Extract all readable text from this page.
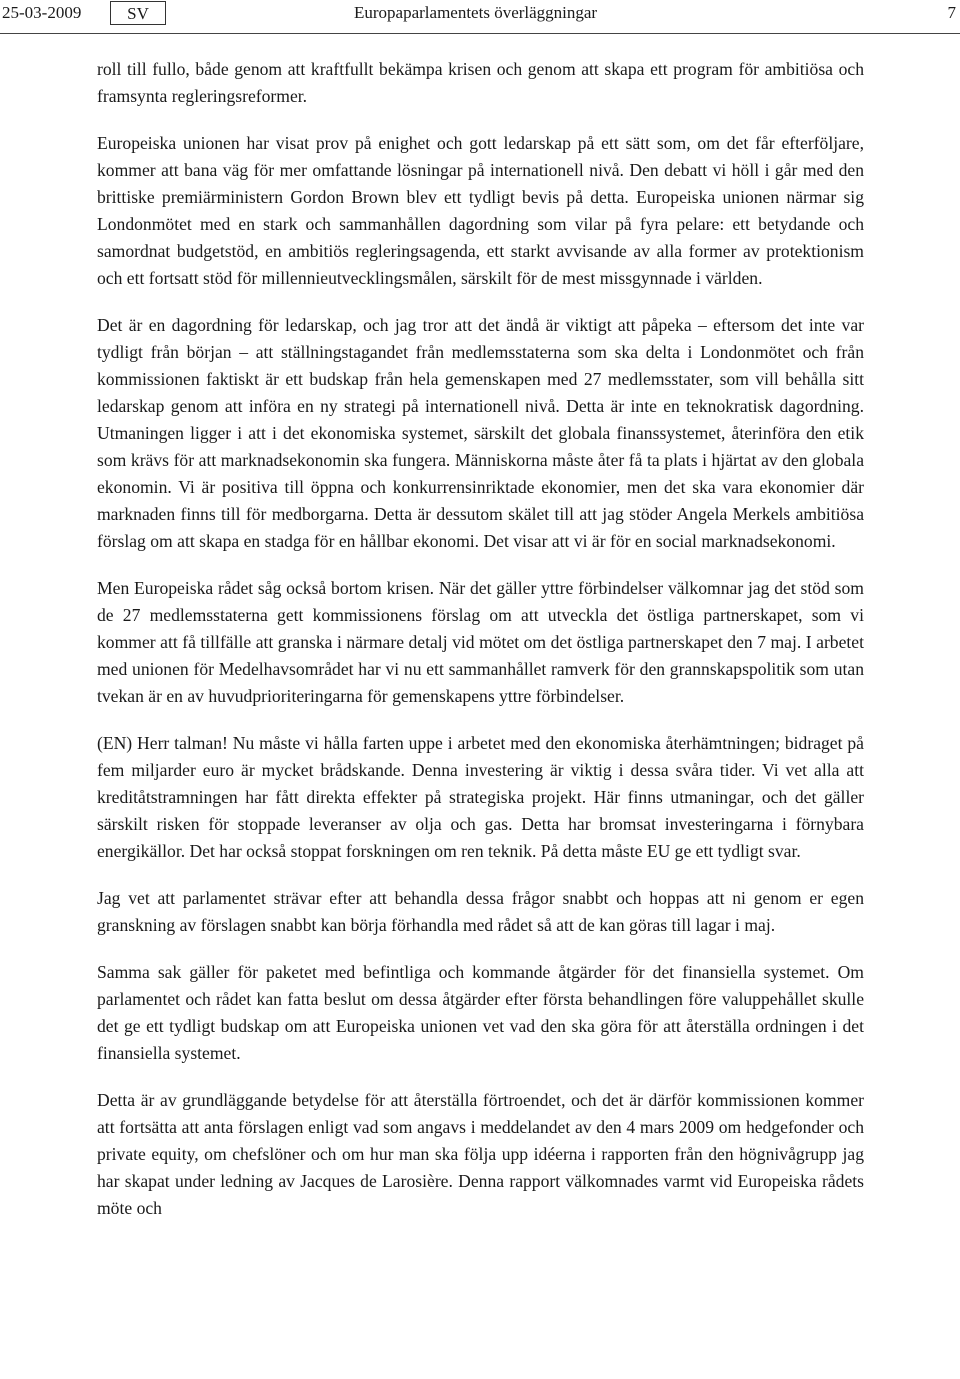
25-03-2009	SV	Europaparlamentets överläggningar	7

roll till fullo, både genom att kraftfullt bekämpa krisen och genom att skapa ett program för ambitiösa och framsynta regleringsreformer.

Europeiska unionen har visat prov på enighet och gott ledarskap på ett sätt som, om det får efterföljare, kommer att bana väg för mer omfattande lösningar på internationell nivå. Den debatt vi höll i går med den brittiske premiärministern Gordon Brown blev ett tydligt bevis på detta. Europeiska unionen närmar sig Londonmötet med en stark och sammanhållen dagordning som vilar på fyra pelare: ett betydande och samordnat budgetstöd, en ambitiös regleringsagenda, ett starkt avvisande av alla former av protektionism och ett fortsatt stöd för millennieutvecklingsmålen, särskilt för de mest missgynnade i världen.

Det är en dagordning för ledarskap, och jag tror att det ändå är viktigt att påpeka – eftersom det inte var tydligt från början – att ställningstagandet från medlemsstaterna som ska delta i Londonmötet och från kommissionen faktiskt är ett budskap från hela gemenskapen med 27 medlemsstater, som vill behålla sitt ledarskap genom att införa en ny strategi på internationell nivå. Detta är inte en teknokratisk dagordning. Utmaningen ligger i att i det ekonomiska systemet, särskilt det globala finanssystemet, återinföra den etik som krävs för att marknadsekonomin ska fungera. Människorna måste åter få ta plats i hjärtat av den globala ekonomin. Vi är positiva till öppna och konkurrensinriktade ekonomier, men det ska vara ekonomier där marknaden finns till för medborgarna. Detta är dessutom skälet till att jag stöder Angela Merkels ambitiösa förslag om att skapa en stadga för en hållbar ekonomi. Det visar att vi är för en social marknadsekonomi.

Men Europeiska rådet såg också bortom krisen. När det gäller yttre förbindelser välkomnar jag det stöd som de 27 medlemsstaterna gett kommissionens förslag om att utveckla det östliga partnerskapet, som vi kommer att få tillfälle att granska i närmare detalj vid mötet om det östliga partnerskapet den 7 maj. I arbetet med unionen för Medelhavsområdet har vi nu ett sammanhållet ramverk för den grannskapspolitik som utan tvekan är en av huvudprioriteringarna för gemenskapens yttre förbindelser.

(EN) Herr talman! Nu måste vi hålla farten uppe i arbetet med den ekonomiska återhämtningen; bidraget på fem miljarder euro är mycket brådskande. Denna investering är viktig i dessa svåra tider. Vi vet alla att kreditåtstramningen har fått direkta effekter på strategiska projekt. Här finns utmaningar, och det gäller särskilt risken för stoppade leveranser av olja och gas. Detta har bromsat investeringarna i förnybara energikällor. Det har också stoppat forskningen om ren teknik. På detta måste EU ge ett tydligt svar.

Jag vet att parlamentet strävar efter att behandla dessa frågor snabbt och hoppas att ni genom er egen granskning av förslagen snabbt kan börja förhandla med rådet så att de kan göras till lagar i maj.

Samma sak gäller för paketet med befintliga och kommande åtgärder för det finansiella systemet. Om parlamentet och rådet kan fatta beslut om dessa åtgärder efter första behandlingen före valuppehållet skulle det ge ett tydligt budskap om att Europeiska unionen vet vad den ska göra för att återställa ordningen i det finansiella systemet.

Detta är av grundläggande betydelse för att återställa förtroendet, och det är därför kommissionen kommer att fortsätta att anta förslagen enligt vad som angavs i meddelandet av den 4 mars 2009 om hedgefonder och private equity, om chefslöner och om hur man ska följa upp idéerna i rapporten från den högnivågrupp jag har skapat under ledning av Jacques de Larosière. Denna rapport välkomnades varmt vid Europeiska rådets möte och
